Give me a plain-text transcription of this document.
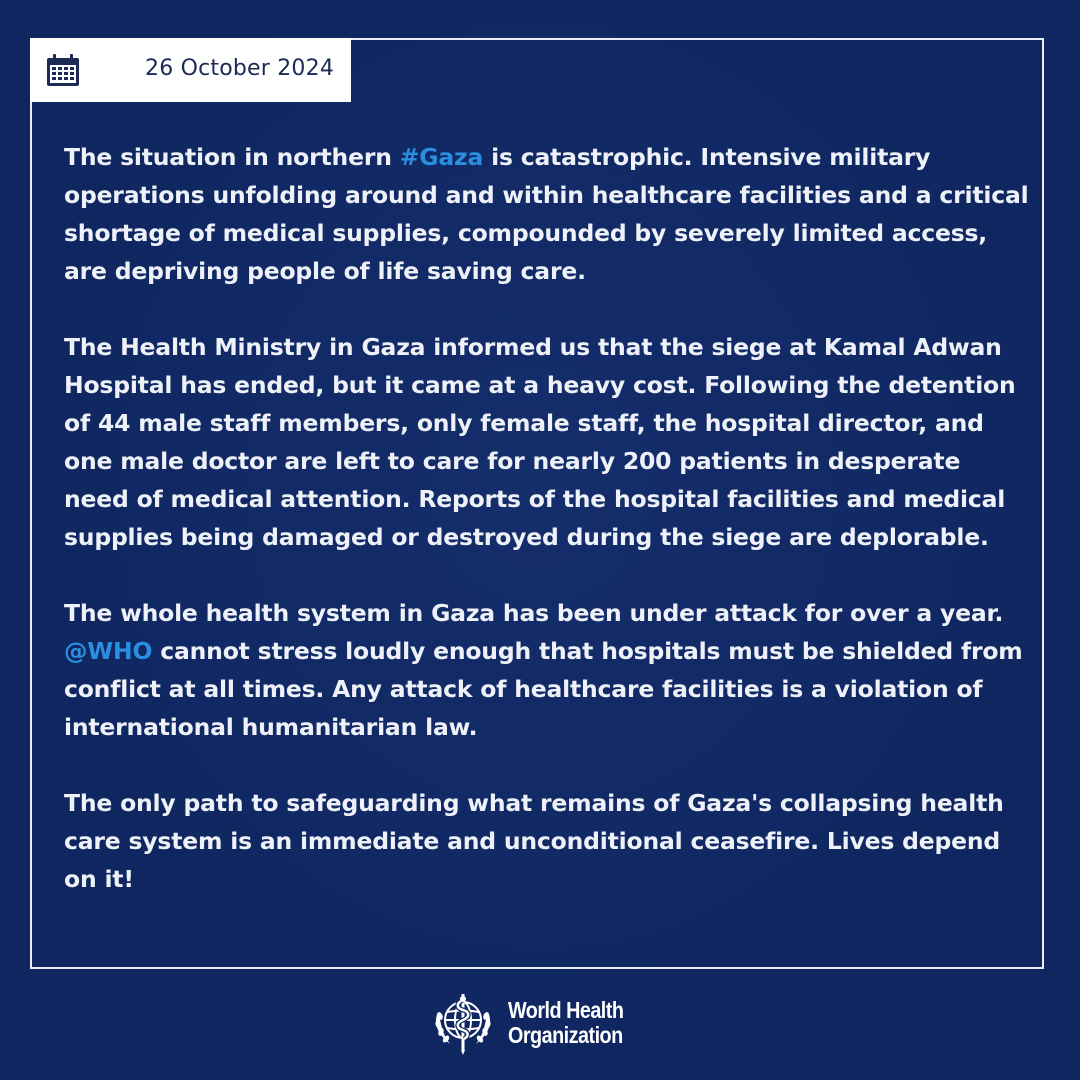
26 October 2024

The situation in northern #Gaza is catastrophic. Intensive military operations unfolding around and within healthcare facilities and a critical shortage of medical supplies, compounded by severely limited access, are depriving people of life saving care.

The Health Ministry in Gaza informed us that the siege at Kamal Adwan Hospital has ended, but it came at a heavy cost. Following the detention of 44 male staff members, only female staff, the hospital director, and one male doctor are left to care for nearly 200 patients in desperate need of medical attention. Reports of the hospital facilities and medical supplies being damaged or destroyed during the siege are deplorable.

The whole health system in Gaza has been under attack for over a year. @WHO cannot stress loudly enough that hospitals must be shielded from conflict at all times. Any attack of healthcare facilities is a violation of international humanitarian law.

The only path to safeguarding what remains of Gaza's collapsing health care system is an immediate and unconditional ceasefire. Lives depend on it!

World Health
Organization
